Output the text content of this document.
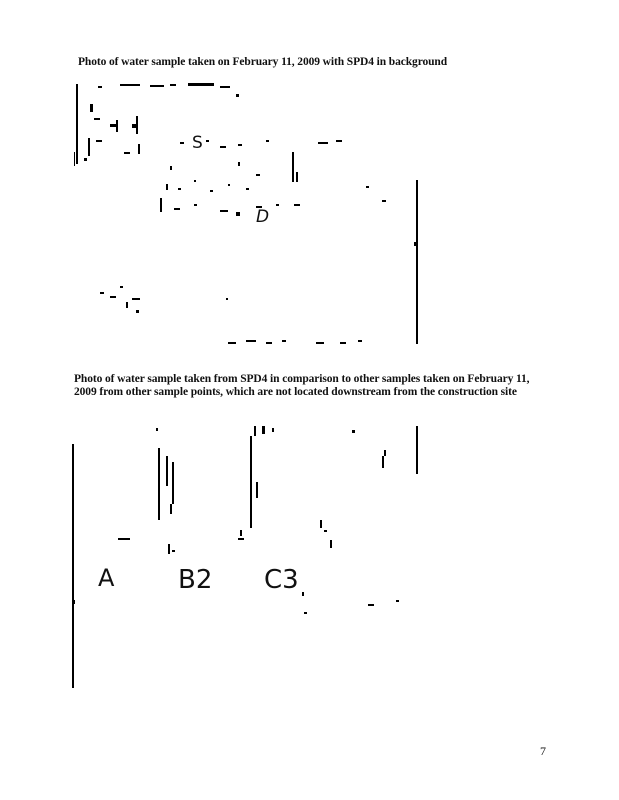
Photo of water sample taken on February 11, 2009 with SPD4 in background
S
D
Photo of water sample taken from SPD4 in comparison to other samples taken on February 11, 2009 from other sample points, which are not located downstream from the construction site
A B2 C3
7
